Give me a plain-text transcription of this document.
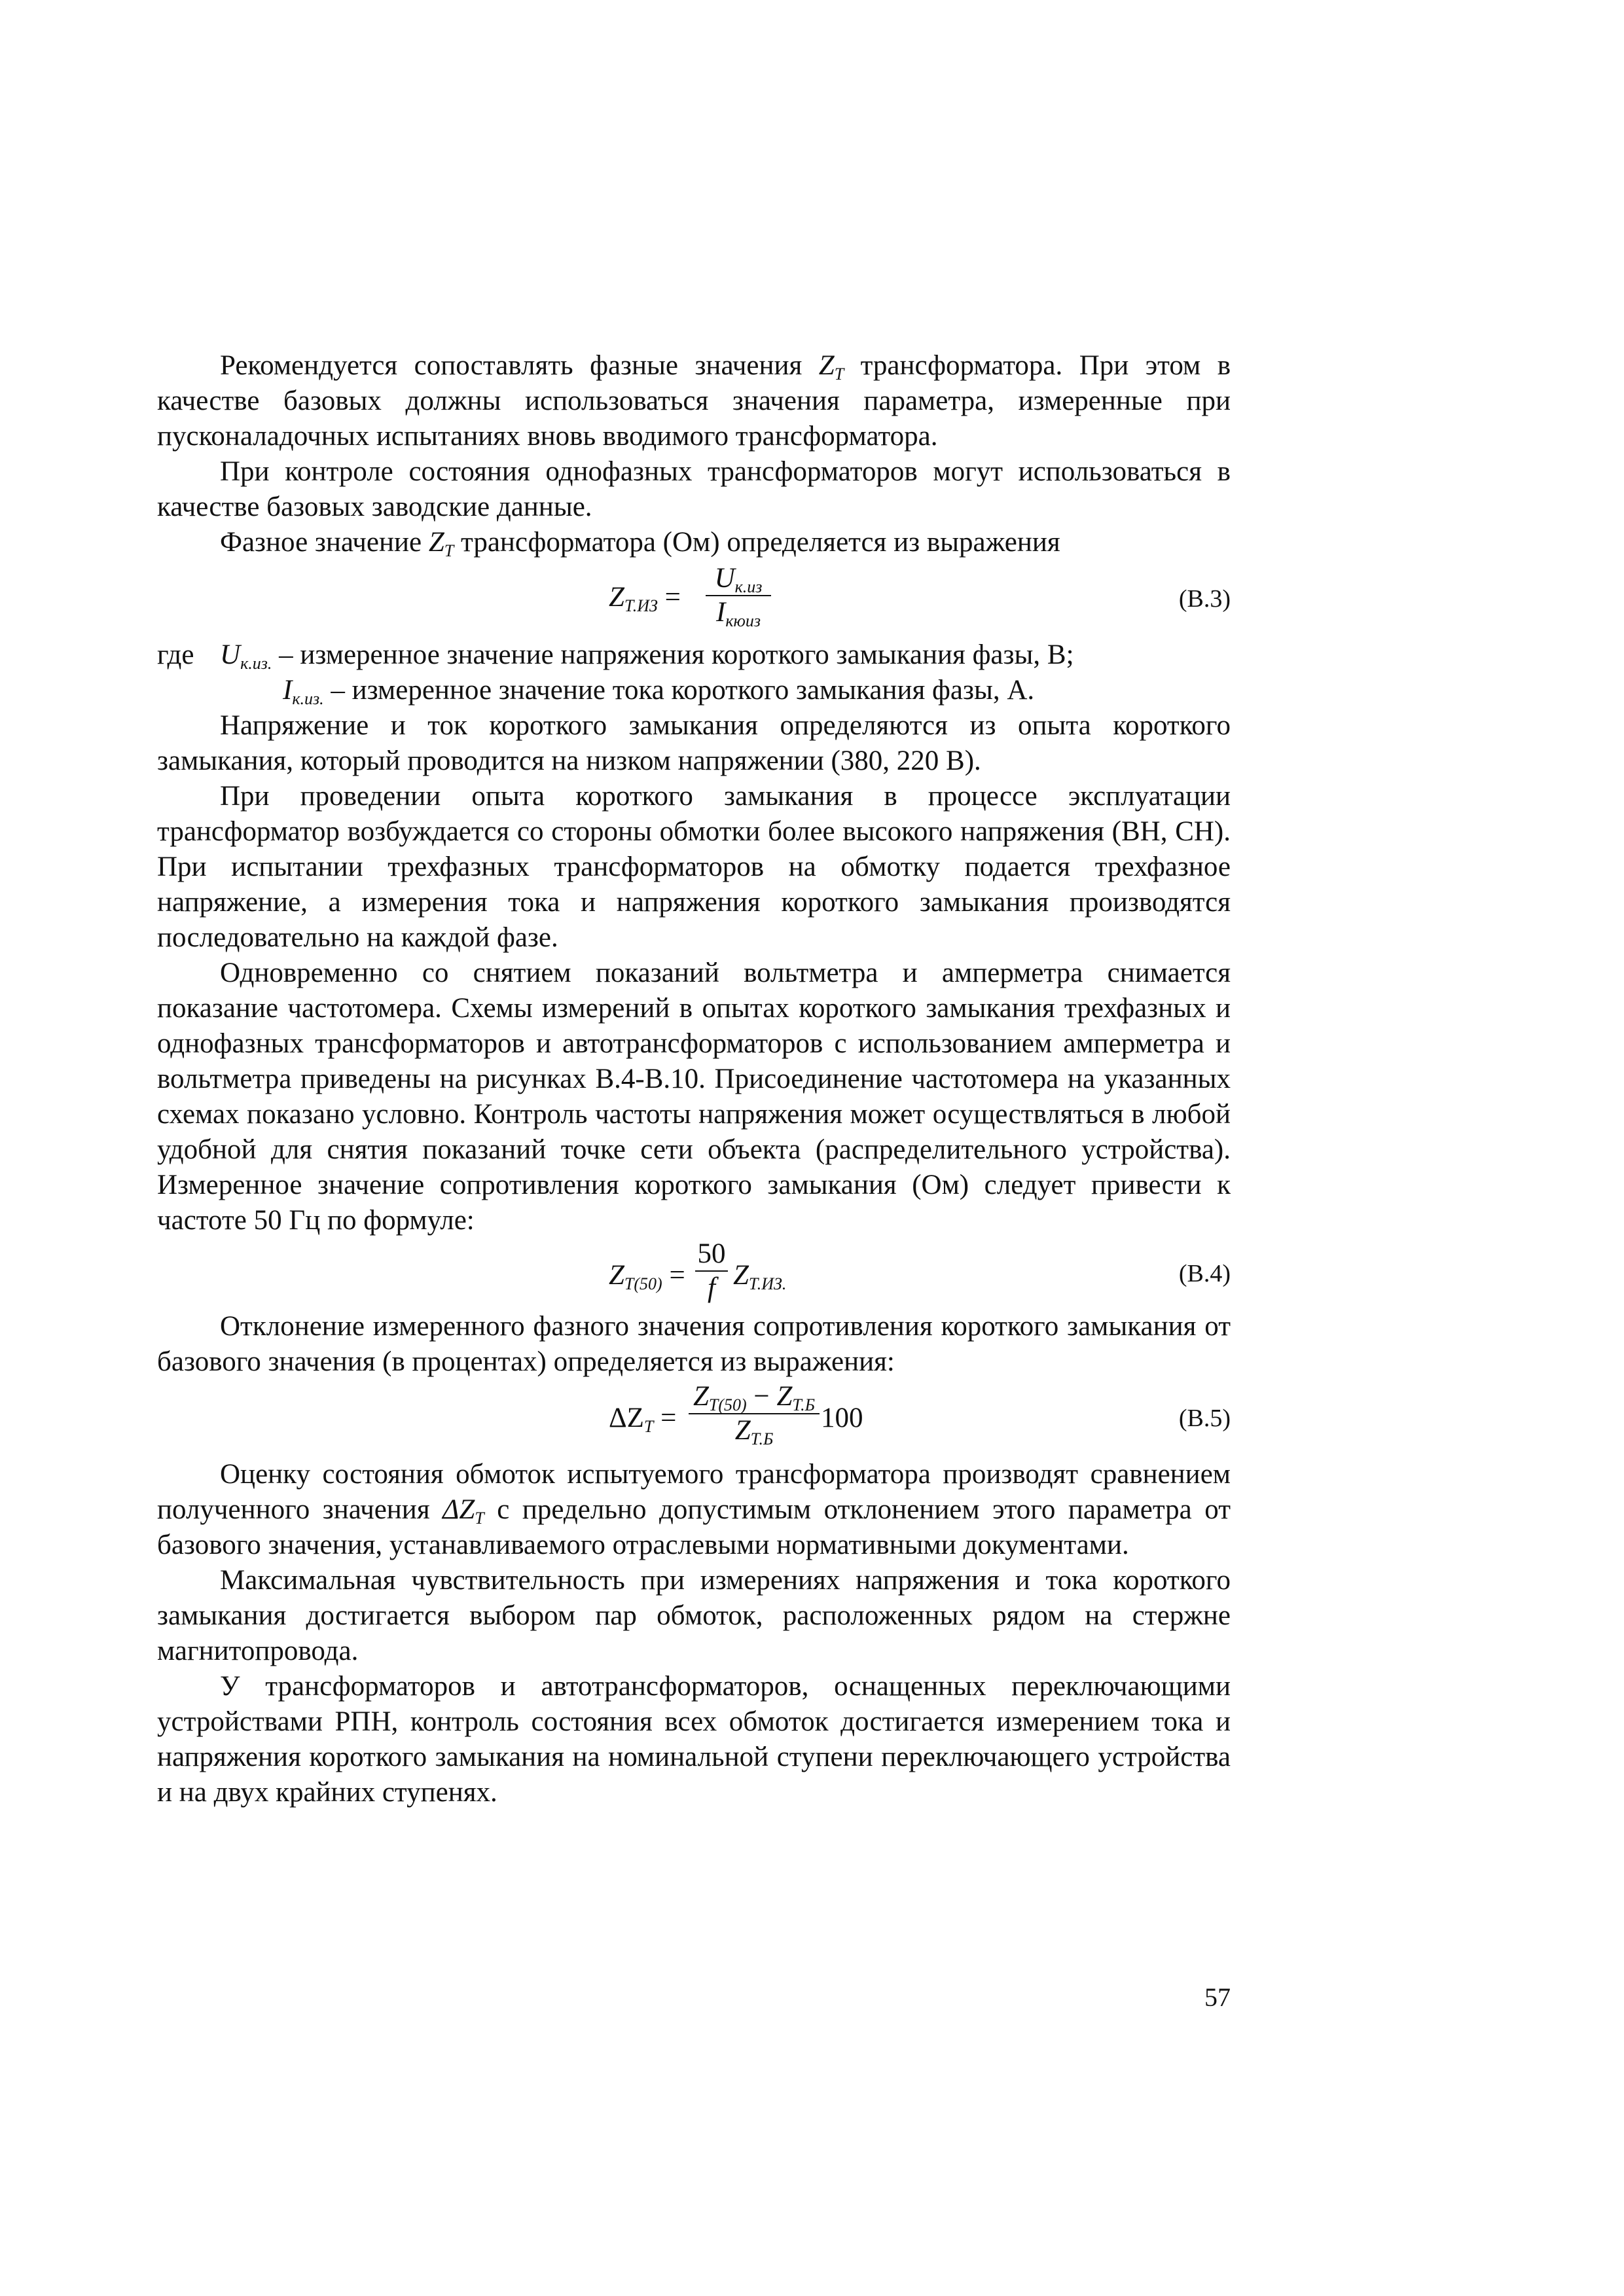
Рекомендуется сопоставлять фазные значения $Z_T$ трансформатора. При этом в качестве базовых должны использоваться значения параметра, измеренные при пусконаладочных испытаниях вновь вводимого трансформатора.

При контроле состояния однофазных трансформаторов могут использоваться в качестве базовых заводские данные.

Фазное значение $Z_T$ трансформатора (Ом) определяется из выражения

$Z_{Т.ИЗ}$ =
$U_{к.из}$
$I_{кюиз}$
(В.3)

где $U_{к.из.}$ – измеренное значение напряжения короткого замыкания фазы, В;

$I_{к.из.}$ – измеренное значение тока короткого замыкания фазы, А.

Напряжение и ток короткого замыкания определяются из опыта короткого замыкания, который проводится на низком напряжении (380, 220 В).

При проведении опыта короткого замыкания в процессе эксплуатации трансформатор возбуждается со стороны обмотки более высокого напряжения (ВН, СН). При испытании трехфазных трансформаторов на обмотку подается трехфазное напряжение, а измерения тока и напряжения короткого замыкания производятся последовательно на каждой фазе.

Одновременно со снятием показаний вольтметра и амперметра снимается показание частотомера. Схемы измерений в опытах короткого замыкания трехфазных и однофазных трансформаторов и автотрансформаторов с использованием амперметра и вольтметра приведены на рисунках В.4-В.10. Присоединение частотомера на указанных схемах показано условно. Контроль частоты напряжения может осуществляться в любой удобной для снятия показаний точке сети объекта (распределительного устройства). Измеренное значение сопротивления короткого замыкания (Ом) следует привести к частоте 50 Гц по формуле:

$Z_{T(50)}$ =
50
f $Z_{Т.ИЗ.}$	(В.4)

Отклонение измеренного фазного значения сопротивления короткого замыкания от базового значения (в процентах) определяется из выражения:

$\Delta Z_T$ =
$Z_{T(50)} - Z_{Т.Б}$
$Z_{Т.Б}$
100	(В.5)

Оценку состояния обмоток испытуемого трансформатора производят сравнением полученного значения $\Delta Z_T$ с предельно допустимым отклонением этого параметра от базового значения, устанавливаемого отраслевыми нормативными документами.

Максимальная чувствительность при измерениях напряжения и тока короткого замыкания достигается выбором пар обмоток, расположенных рядом на стержне магнитопровода.

У трансформаторов и автотрансформаторов, оснащенных переключающими устройствами РПН, контроль состояния всех обмоток достигается измерением тока и напряжения короткого замыкания на номинальной ступени переключающего устройства и на двух крайних ступенях.

57
